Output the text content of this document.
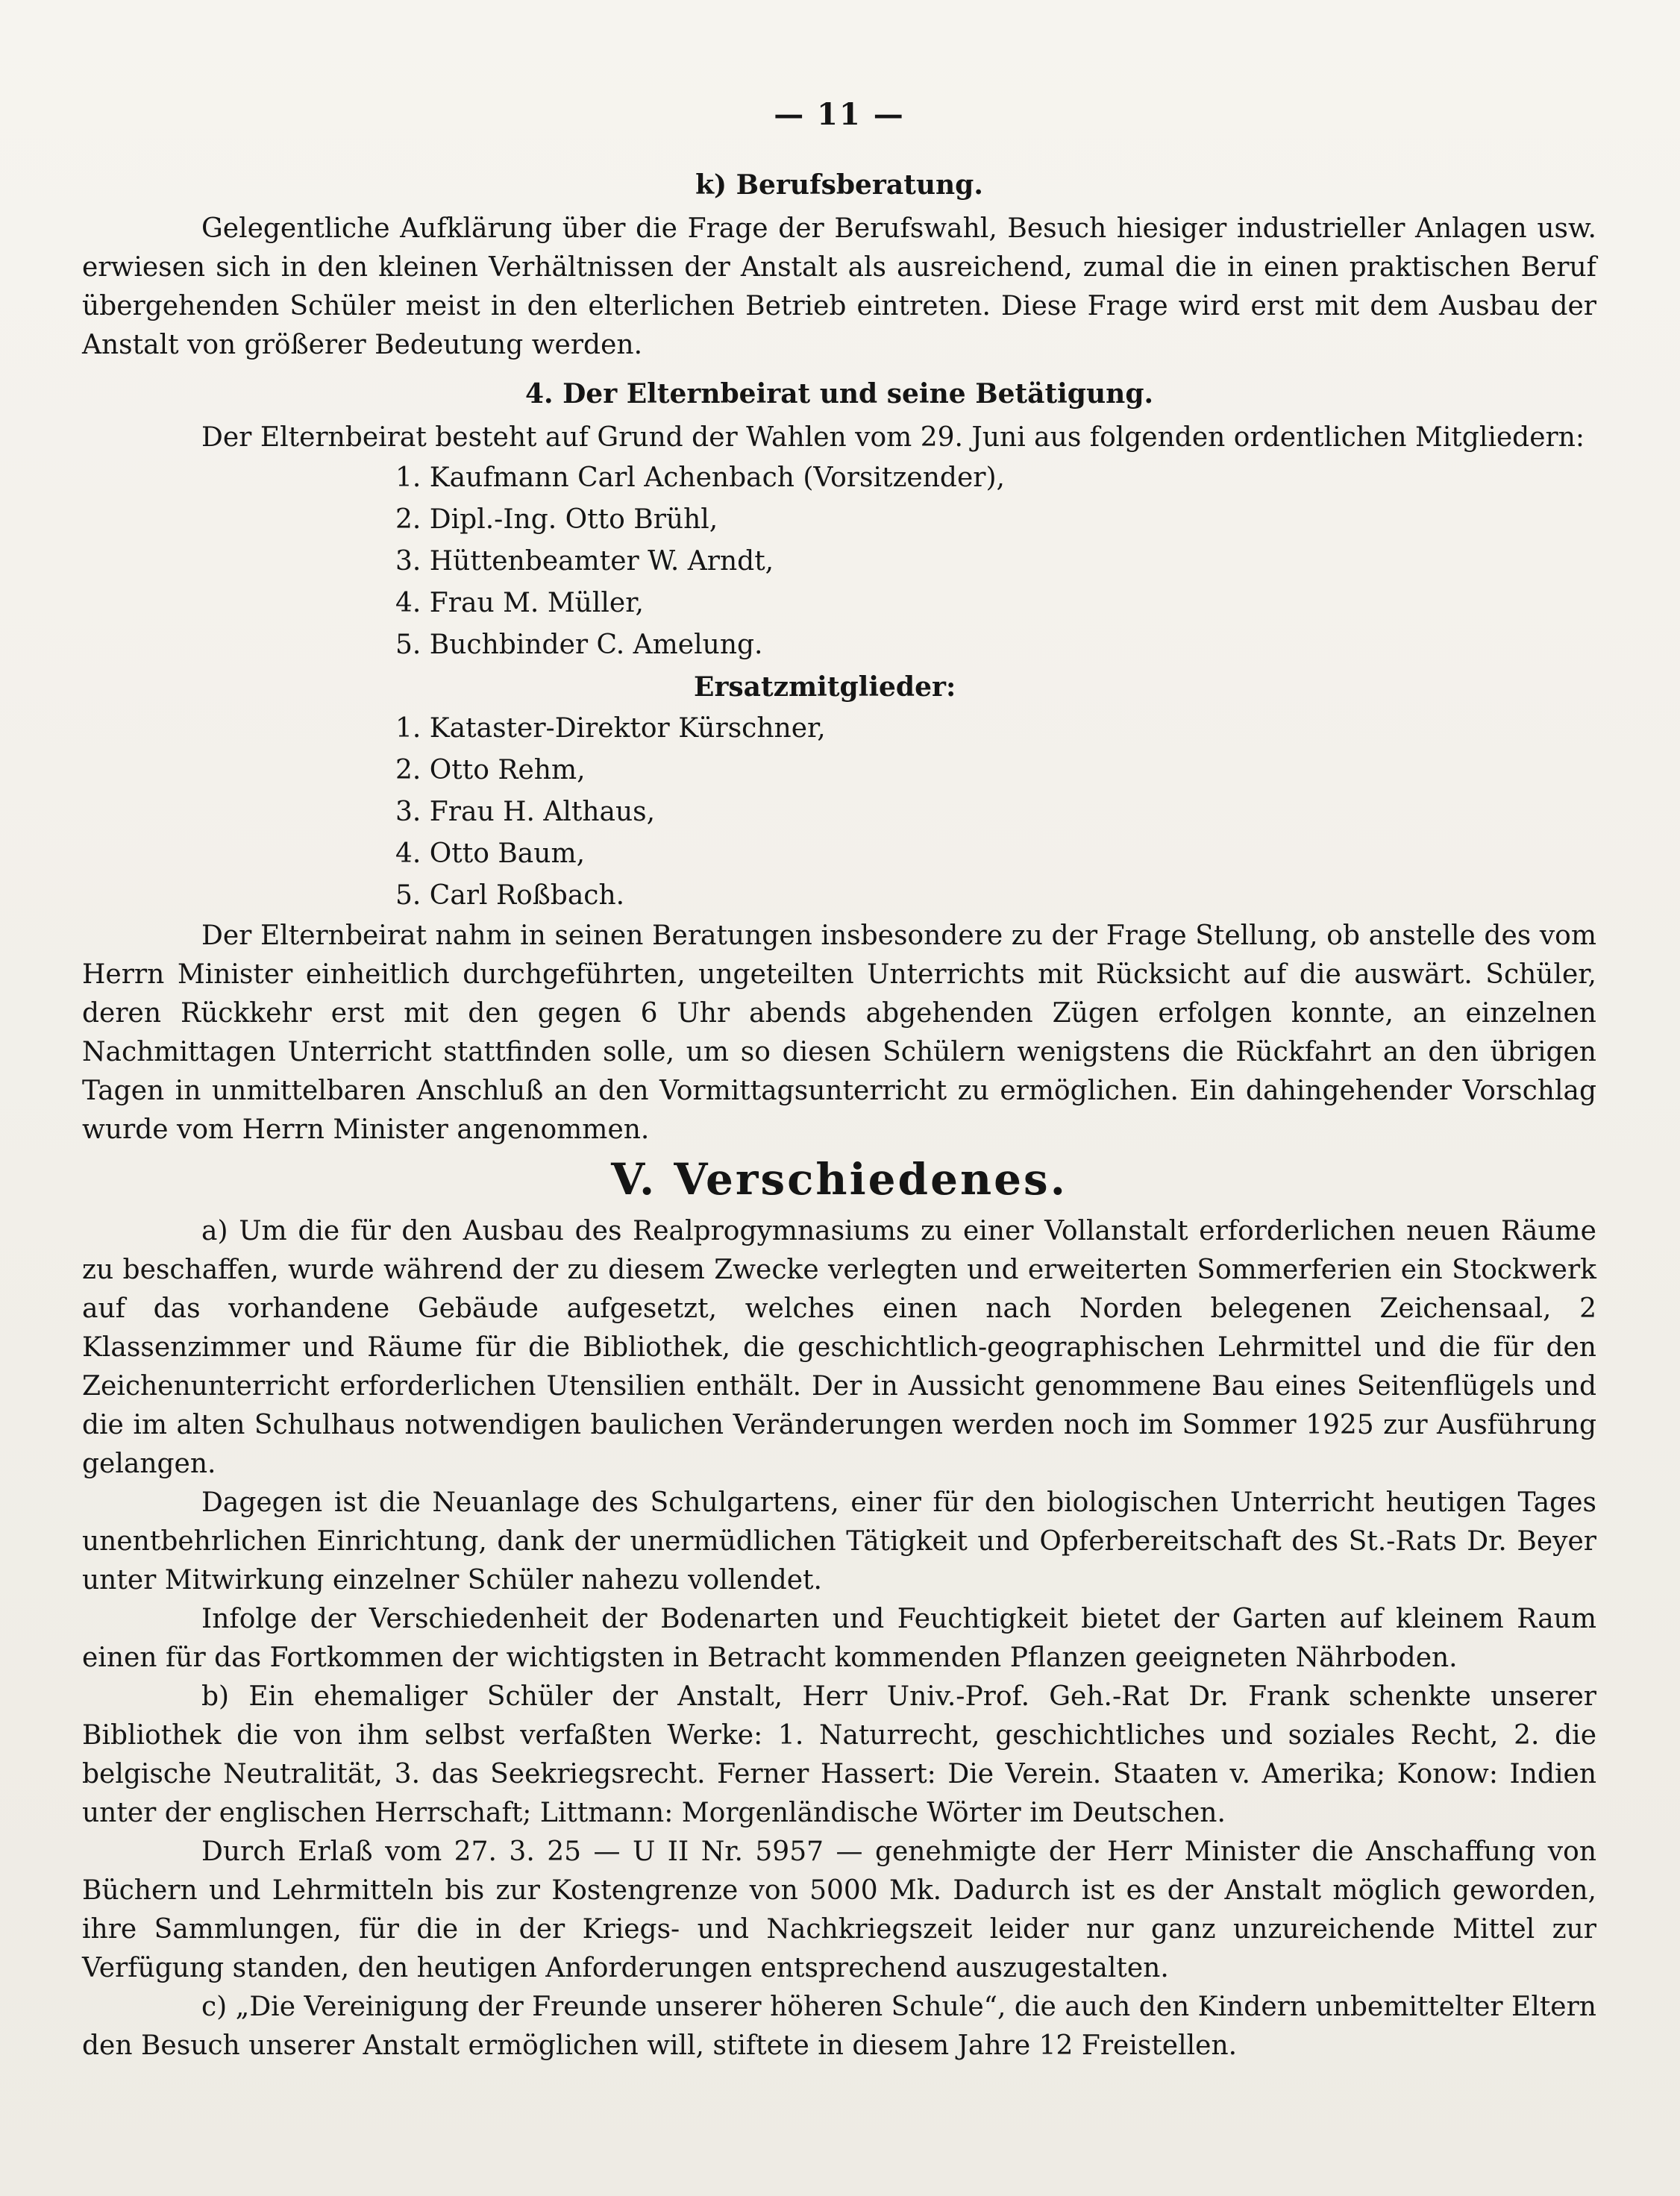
— 11 —
k) Berufsberatung.

Gelegentliche Aufklärung über die Frage der Berufswahl, Besuch hiesiger industrieller Anlagen usw. erwiesen sich in den kleinen Verhältnissen der Anstalt als ausreichend, zumal die in einen praktischen Beruf übergehenden Schüler meist in den elterlichen Betrieb eintreten. Diese Frage wird erst mit dem Ausbau der Anstalt von größerer Bedeutung werden.

4. Der Elternbeirat und seine Betätigung.

Der Elternbeirat besteht auf Grund der Wahlen vom 29. Juni aus folgenden ordentlichen Mitgliedern:

1. Kaufmann Carl Achenbach (Vorsitzender),
2. Dipl.-Ing. Otto Brühl,
3. Hüttenbeamter W. Arndt,
4. Frau M. Müller,
5. Buchbinder C. Amelung.
Ersatzmitglieder:
1. Kataster-Direktor Kürschner,
2. Otto Rehm,
3. Frau H. Althaus,
4. Otto Baum,
5. Carl Roßbach.

Der Elternbeirat nahm in seinen Beratungen insbesondere zu der Frage Stellung, ob anstelle des vom Herrn Minister einheitlich durchgeführten, ungeteilten Unterrichts mit Rücksicht auf die auswärt. Schüler, deren Rückkehr erst mit den gegen 6 Uhr abends abgehenden Zügen erfolgen konnte, an einzelnen Nachmittagen Unterricht stattfinden solle, um so diesen Schülern wenigstens die Rückfahrt an den übrigen Tagen in unmittelbaren Anschluß an den Vormittagsunterricht zu ermöglichen. Ein dahingehender Vorschlag wurde vom Herrn Minister angenommen.

V. Verschiedenes.

a) Um die für den Ausbau des Realprogymnasiums zu einer Vollanstalt erforderlichen neuen Räume zu beschaffen, wurde während der zu diesem Zwecke verlegten und erweiterten Sommerferien ein Stockwerk auf das vorhandene Gebäude aufgesetzt, welches einen nach Norden belegenen Zeichensaal, 2 Klassenzimmer und Räume für die Bibliothek, die geschichtlich-geographischen Lehrmittel und die für den Zeichenunterricht erforderlichen Utensilien enthält. Der in Aussicht genommene Bau eines Seitenflügels und die im alten Schulhaus notwendigen baulichen Veränderungen werden noch im Sommer 1925 zur Ausführung gelangen.

Dagegen ist die Neuanlage des Schulgartens, einer für den biologischen Unterricht heutigen Tages unentbehrlichen Einrichtung, dank der unermüdlichen Tätigkeit und Opferbereitschaft des St.-Rats Dr. Beyer unter Mitwirkung einzelner Schüler nahezu vollendet.

Infolge der Verschiedenheit der Bodenarten und Feuchtigkeit bietet der Garten auf kleinem Raum einen für das Fortkommen der wichtigsten in Betracht kommenden Pflanzen geeigneten Nährboden.

b) Ein ehemaliger Schüler der Anstalt, Herr Univ.-Prof. Geh.-Rat Dr. Frank schenkte unserer Bibliothek die von ihm selbst verfaßten Werke: 1. Naturrecht, geschichtliches und soziales Recht, 2. die belgische Neutralität, 3. das Seekriegsrecht. Ferner Hassert: Die Verein. Staaten v. Amerika; Konow: Indien unter der englischen Herrschaft; Littmann: Morgenländische Wörter im Deutschen.

Durch Erlaß vom 27. 3. 25 — U II Nr. 5957 — genehmigte der Herr Minister die Anschaffung von Büchern und Lehrmitteln bis zur Kostengrenze von 5000 Mk. Dadurch ist es der Anstalt möglich geworden, ihre Sammlungen, für die in der Kriegs- und Nachkriegszeit leider nur ganz unzureichende Mittel zur Verfügung standen, den heutigen Anforderungen entsprechend auszugestalten.

c) „Die Vereinigung der Freunde unserer höheren Schule“, die auch den Kindern unbemittelter Eltern den Besuch unserer Anstalt ermöglichen will, stiftete in diesem Jahre 12 Freistellen.
